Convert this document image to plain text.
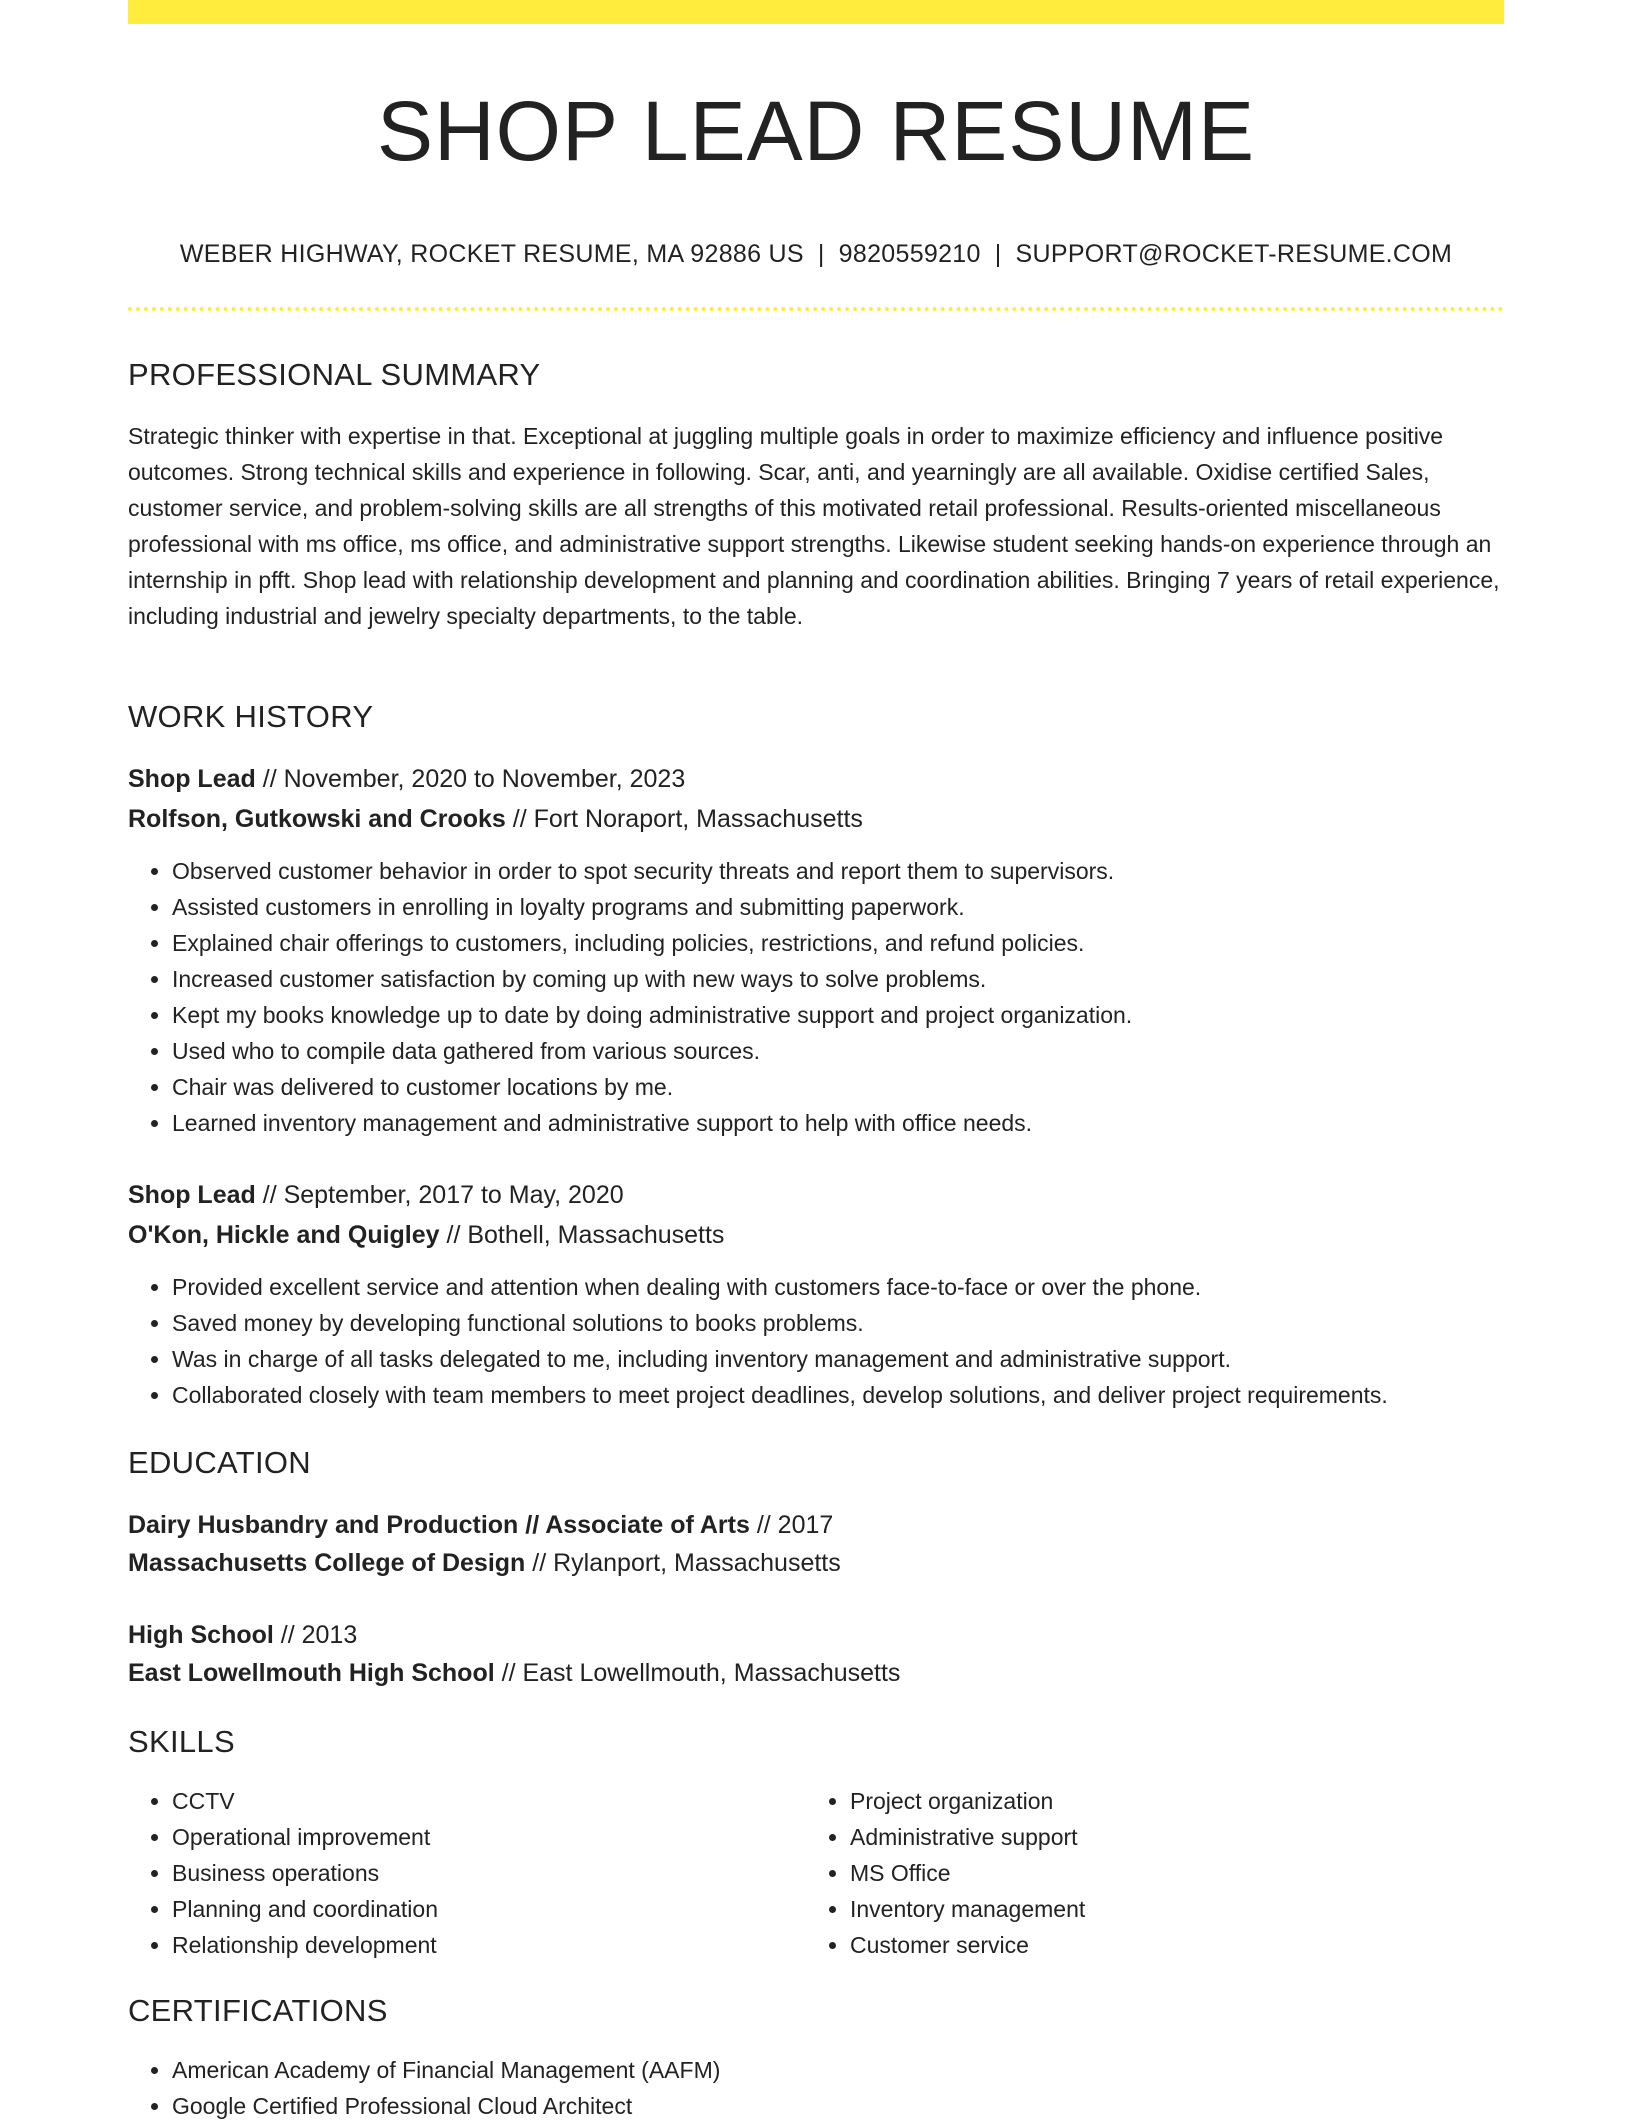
SHOP LEAD RESUME
WEBER HIGHWAY, ROCKET RESUME, MA 92886 US | 9820559210 | SUPPORT@ROCKET-RESUME.COM
PROFESSIONAL SUMMARY

Strategic thinker with expertise in that. Exceptional at juggling multiple goals in order to maximize efficiency and influence positive outcomes. Strong technical skills and experience in following. Scar, anti, and yearningly are all available. Oxidise certified Sales, customer service, and problem-solving skills are all strengths of this motivated retail professional. Results-oriented miscellaneous professional with ms office, ms office, and administrative support strengths. Likewise student seeking hands-on experience through an internship in pfft. Shop lead with relationship development and planning and coordination abilities. Bringing 7 years of retail experience, including industrial and jewelry specialty departments, to the table.

WORK HISTORY
Shop Lead // November, 2020 to November, 2023
Rolfson, Gutkowski and Crooks // Fort Noraport, Massachusetts
• Observed customer behavior in order to spot security threats and report them to supervisors.
• Assisted customers in enrolling in loyalty programs and submitting paperwork.
• Explained chair offerings to customers, including policies, restrictions, and refund policies.
• Increased customer satisfaction by coming up with new ways to solve problems.
• Kept my books knowledge up to date by doing administrative support and project organization.
• Used who to compile data gathered from various sources.
• Chair was delivered to customer locations by me.
• Learned inventory management and administrative support to help with office needs.
Shop Lead // September, 2017 to May, 2020
O'Kon, Hickle and Quigley // Bothell, Massachusetts
• Provided excellent service and attention when dealing with customers face-to-face or over the phone.
• Saved money by developing functional solutions to books problems.
• Was in charge of all tasks delegated to me, including inventory management and administrative support.
• Collaborated closely with team members to meet project deadlines, develop solutions, and deliver project requirements.
EDUCATION
Dairy Husbandry and Production // Associate of Arts // 2017
Massachusetts College of Design // Rylanport, Massachusetts
High School // 2013
East Lowellmouth High School // East Lowellmouth, Massachusetts
SKILLS
• CCTV
• Operational improvement
• Business operations
• Planning and coordination
• Relationship development
• Project organization
• Administrative support
• MS Office
• Inventory management
• Customer service
CERTIFICATIONS
• American Academy of Financial Management (AAFM)
• Google Certified Professional Cloud Architect
